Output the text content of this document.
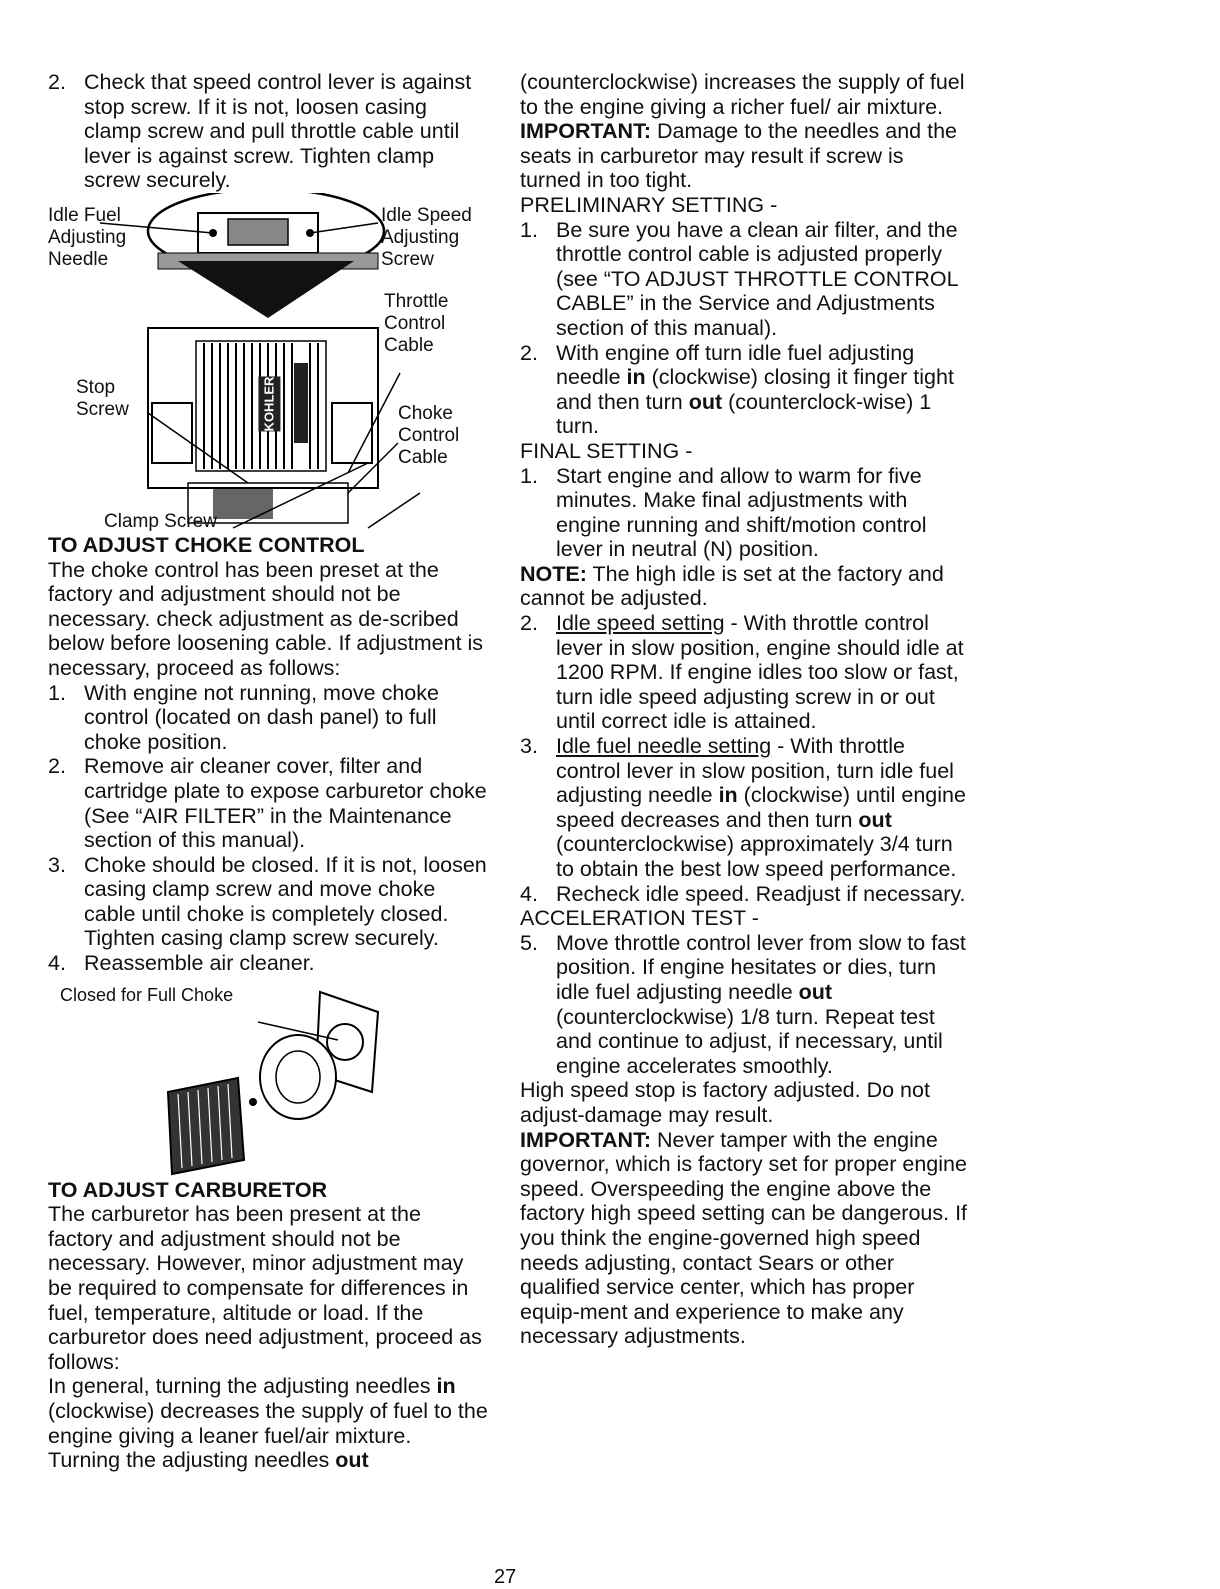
2. Check that speed control lever is against stop screw. If it is not, loosen casing clamp screw and pull throttle cable until lever is against screw. Tighten clamp screw securely.
Idle Fuel Adjusting Needle
Idle Speed Adjusting Screw
Throttle Control Cable
Stop Screw	Choke Control Cable
Clamp Screw
KOHLER

TO ADJUST CHOKE CONTROL

The choke control has been preset at the factory and adjustment should not be necessary. check adjustment as de-scribed below before loosening cable. If adjustment is necessary, proceed as follows:

1. With engine not running, move choke control (located on dash panel) to full choke position.
2. Remove air cleaner cover, filter and cartridge plate to expose carburetor choke (See “AIR FILTER” in the Maintenance section of this manual).
3. Choke should be closed. If it is not, loosen casing clamp screw and move choke cable until choke is completely closed. Tighten casing clamp screw securely.
4. Reassemble air cleaner.
Closed for Full Choke

TO ADJUST CARBURETOR

The carburetor has been present at the factory and adjustment should not be necessary. However, minor adjustment may be required to compensate for differences in fuel, temperature, altitude or load. If the carburetor does need adjustment, proceed as follows:

In general, turning the adjusting needles in (clockwise) decreases the supply of fuel to the engine giving a leaner fuel/air mixture. Turning the adjusting needles out

(counterclockwise) increases the supply of fuel to the engine giving a richer fuel/ air mixture.

IMPORTANT: Damage to the needles and the seats in carburetor may result if screw is turned in too tight.

PRELIMINARY SETTING -

1. Be sure you have a clean air filter, and the throttle control cable is adjusted properly (see “TO ADJUST THROTTLE CONTROL CABLE” in the Service and Adjustments section of this manual).
2. With engine off turn idle fuel adjusting needle in (clockwise) closing it finger tight and then turn out (counterclock-wise) 1 turn.

FINAL SETTING -

1. Start engine and allow to warm for five minutes. Make final adjustments with engine running and shift/motion control lever in neutral (N) position.

NOTE: The high idle is set at the factory and cannot be adjusted.

2. Idle speed setting - With throttle control lever in slow position, engine should idle at 1200 RPM. If engine idles too slow or fast, turn idle speed adjusting screw in or out until correct idle is attained.
3. Idle fuel needle setting - With throttle control lever in slow position, turn idle fuel adjusting needle in (clockwise) until engine speed decreases and then turn out (counterclockwise) approximately 3/4 turn to obtain the best low speed performance.
4. Recheck idle speed. Readjust if necessary.

ACCELERATION TEST -

5. Move throttle control lever from slow to fast position. If engine hesitates or dies, turn idle fuel adjusting needle out (counterclockwise) 1/8 turn. Repeat test and continue to adjust, if necessary, until engine accelerates smoothly.

High speed stop is factory adjusted. Do not adjust-damage may result.

IMPORTANT: Never tamper with the engine governor, which is factory set for proper engine speed. Overspeeding the engine above the factory high speed setting can be dangerous. If you think the engine-governed high speed needs adjusting, contact Sears or other qualified service center, which has proper equip-ment and experience to make any necessary adjustments.

27
